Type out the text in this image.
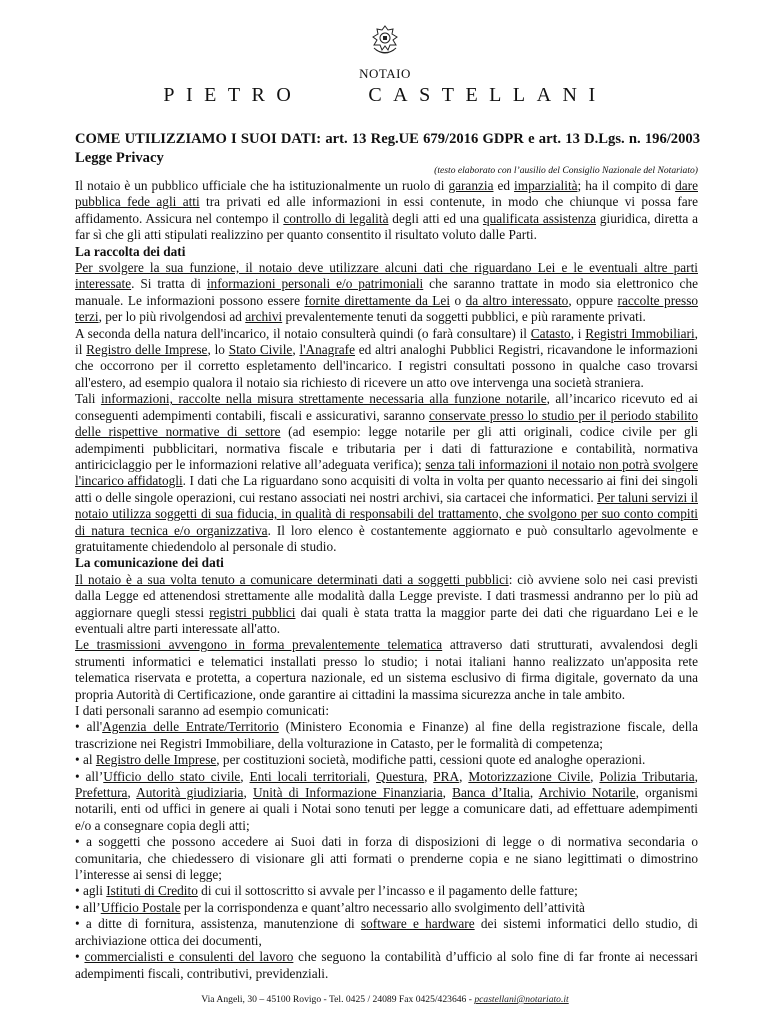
NOTAIO
PIETRO	CASTELLANI
COME UTILIZZIAMO I SUOI DATI: art. 13 Reg.UE 679/2016 GDPR e art. 13 D.Lgs. n. 196/2003 Legge Privacy
(testo elaborato con l’ausilio del Consiglio Nazionale del Notariato)

Il notaio è un pubblico ufficiale che ha istituzionalmente un ruolo di garanzia ed imparzialità; ha il compito di dare pubblica fede agli atti tra privati ed alle informazioni in essi contenute, in modo che chiunque vi possa fare affidamento. Assicura nel contempo il controllo di legalità degli atti ed una qualificata assistenza giuridica, diretta a far sì che gli atti stipulati realizzino per quanto consentito il risultato voluto dalle Parti.

La raccolta dei dati

Per svolgere la sua funzione, il notaio deve utilizzare alcuni dati che riguardano Lei e le eventuali altre parti interessate. Si tratta di informazioni personali e/o patrimoniali che saranno trattate in modo sia elettronico che manuale. Le informazioni possono essere fornite direttamente da Lei o da altro interessato, oppure raccolte presso terzi, per lo più rivolgendosi ad archivi prevalentemente tenuti da soggetti pubblici, e più raramente privati.

A seconda della natura dell'incarico, il notaio consulterà quindi (o farà consultare) il Catasto, i Registri Immobiliari, il Registro delle Imprese, lo Stato Civile, l'Anagrafe ed altri analoghi Pubblici Registri, ricavandone le informazioni che occorrono per il corretto espletamento dell'incarico. I registri consultati possono in qualche caso trovarsi all'estero, ad esempio qualora il notaio sia richiesto di ricevere un atto ove intervenga una società straniera.

Tali informazioni, raccolte nella misura strettamente necessaria alla funzione notarile, all’incarico ricevuto ed ai conseguenti adempimenti contabili, fiscali e assicurativi, saranno conservate presso lo studio per il periodo stabilito delle rispettive normative di settore (ad esempio: legge notarile per gli atti originali, codice civile per gli adempimenti pubblicitari, normativa fiscale e tributaria per i dati di fatturazione e contabilità, normativa antiriciclaggio per le informazioni relative all’adeguata verifica); senza tali informazioni il notaio non potrà svolgere l'incarico affidatogli. I dati che La riguardano sono acquisiti di volta in volta per quanto necessario ai fini dei singoli atti o delle singole operazioni, cui restano associati nei nostri archivi, sia cartacei che informatici. Per taluni servizi il notaio utilizza soggetti di sua fiducia, in qualità di responsabili del trattamento, che svolgono per suo conto compiti di natura tecnica e/o organizzativa. Il loro elenco è costantemente aggiornato e può consultarlo agevolmente e gratuitamente chiedendolo al personale di studio.

La comunicazione dei dati

Il notaio è a sua volta tenuto a comunicare determinati dati a soggetti pubblici: ciò avviene solo nei casi previsti dalla Legge ed attenendosi strettamente alle modalità dalla Legge previste. I dati trasmessi andranno per lo più ad aggiornare quegli stessi registri pubblici dai quali è stata tratta la maggior parte dei dati che riguardano Lei e le eventuali altre parti interessate all'atto.

Le trasmissioni avvengono in forma prevalentemente telematica attraverso dati strutturati, avvalendosi degli strumenti informatici e telematici installati presso lo studio; i notai italiani hanno realizzato un'apposita rete telematica riservata e protetta, a copertura nazionale, ed un sistema esclusivo di firma digitale, governato da una propria Autorità di Certificazione, onde garantire ai cittadini la massima sicurezza anche in tale ambito.

I dati personali saranno ad esempio comunicati:

• all'Agenzia delle Entrate/Territorio (Ministero Economia e Finanze) al fine della registrazione fiscale, della trascrizione nei Registri Immobiliare, della volturazione in Catasto, per le formalità di competenza;

• al Registro delle Imprese, per costituzioni società, modifiche patti, cessioni quote ed analoghe operazioni.

• all’Ufficio dello stato civile, Enti locali territoriali, Questura, PRA, Motorizzazione Civile, Polizia Tributaria, Prefettura, Autorità giudiziaria, Unità di Informazione Finanziaria, Banca d’Italia, Archivio Notarile, organismi notarili, enti od uffici in genere ai quali i Notai sono tenuti per legge a comunicare dati, ad effettuare adempimenti e/o a consegnare copia degli atti;

• a soggetti che possono accedere ai Suoi dati in forza di disposizioni di legge o di normativa secondaria o comunitaria, che chiedessero di visionare gli atti formati o prenderne copia e ne siano legittimati o dimostrino l’interesse ai sensi di legge;

• agli Istituti di Credito di cui il sottoscritto si avvale per l’incasso e il pagamento delle fatture;

• all’Ufficio Postale per la corrispondenza e quant’altro necessario allo svolgimento dell’attività

• a ditte di fornitura, assistenza, manutenzione di software e hardware dei sistemi informatici dello studio, di archiviazione ottica dei documenti,

• commercialisti e consulenti del lavoro che seguono la contabilità d’ufficio al solo fine di far fronte ai necessari adempimenti fiscali, contributivi, previdenziali.

Via Angeli, 30 – 45100 Rovigo - Tel. 0425 / 24089 Fax 0425/423646 - pcastellani@notariato.it
